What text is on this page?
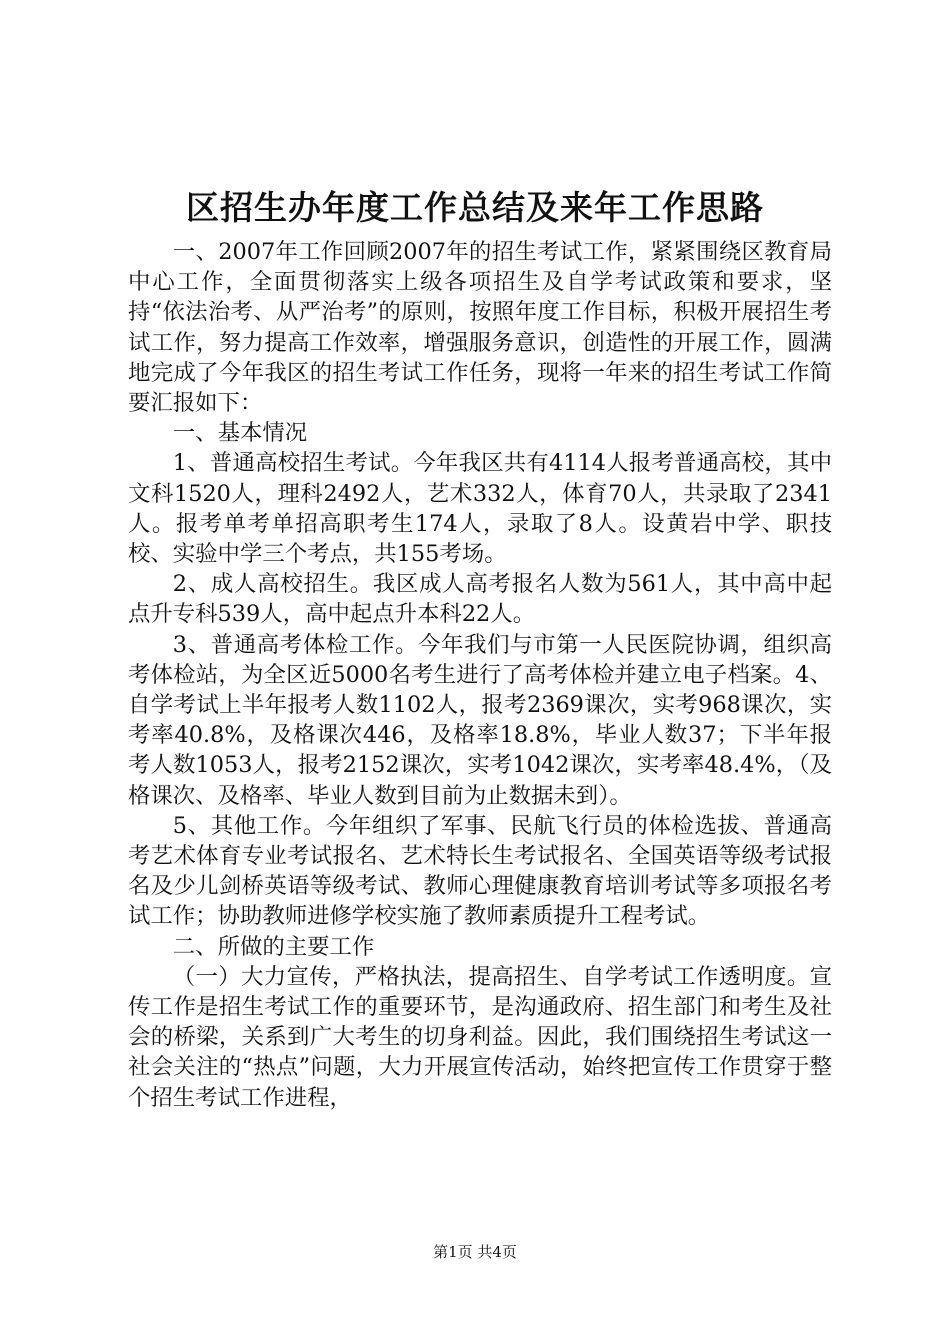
区招生办年度工作总结及来年工作思路

一、2007年工作回顾2007年的招生考试工作，紧紧围绕区教育局中心工作，全面贯彻落实上级各项招生及自学考试政策和要求，坚持“依法治考、从严治考”的原则，按照年度工作目标，积极开展招生考试工作，努力提高工作效率，增强服务意识，创造性的开展工作，圆满地完成了今年我区的招生考试工作任务，现将一年来的招生考试工作简要汇报如下：

一、基本情况

1、普通高校招生考试。今年我区共有4114人报考普通高校，其中文科1520人，理科2492人，艺术332人，体育70人，共录取了2341人。报考单考单招高职考生174人，录取了8人。设黄岩中学、职技校、实验中学三个考点，共155考场。

2、成人高校招生。我区成人高考报名人数为561人，其中高中起点升专科539人，高中起点升本科22人。

3、普通高考体检工作。今年我们与市第一人民医院协调，组织高考体检站，为全区近5000名考生进行了高考体检并建立电子档案。4、自学考试上半年报考人数1102人，报考2369课次，实考968课次，实考率40.8%，及格课次446，及格率18.8%，毕业人数37；下半年报考人数1053人，报考2152课次，实考1042课次，实考率48.4%，（及格课次、及格率、毕业人数到目前为止数据未到）。

5、其他工作。今年组织了军事、民航飞行员的体检选拔、普通高考艺术体育专业考试报名、艺术特长生考试报名、全国英语等级考试报名及少儿剑桥英语等级考试、教师心理健康教育培训考试等多项报名考试工作；协助教师进修学校实施了教师素质提升工程考试。

二、所做的主要工作

（一）大力宣传，严格执法，提高招生、自学考试工作透明度。宣传工作是招生考试工作的重要环节，是沟通政府、招生部门和考生及社会的桥梁，关系到广大考生的切身利益。因此，我们围绕招生考试这一社会关注的“热点”问题，大力开展宣传活动，始终把宣传工作贯穿于整个招生考试工作进程，

第1页 共4页
